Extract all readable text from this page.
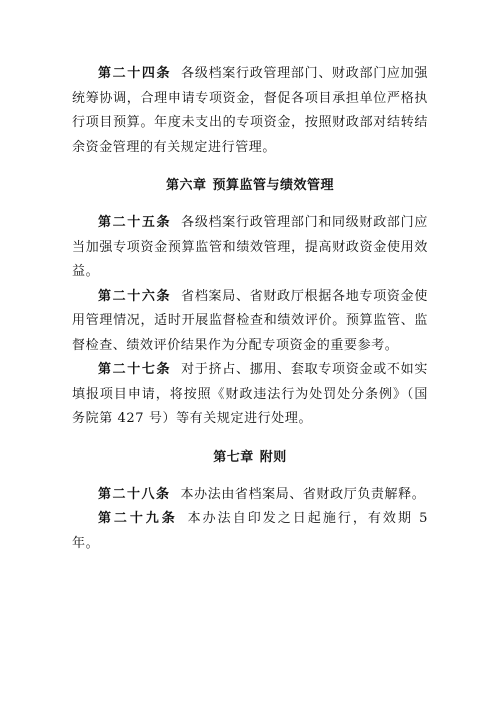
第二十四条 各级档案行政管理部门、财政部门应加强统筹协调，合理申请专项资金，督促各项目承担单位严格执行项目预算。年度未支出的专项资金，按照财政部对结转结余资金管理的有关规定进行管理。

第六章 预算监管与绩效管理

第二十五条 各级档案行政管理部门和同级财政部门应当加强专项资金预算监管和绩效管理，提高财政资金使用效益。

第二十六条 省档案局、省财政厅根据各地专项资金使用管理情况，适时开展监督检查和绩效评价。预算监管、监督检查、绩效评价结果作为分配专项资金的重要参考。

第二十七条 对于挤占、挪用、套取专项资金或不如实填报项目申请，将按照《财政违法行为处罚处分条例》（国务院第 427 号）等有关规定进行处理。

第七章 附则

第二十八条 本办法由省档案局、省财政厅负责解释。

第二十九条 本办法自印发之日起施行，有效期 5 年。
